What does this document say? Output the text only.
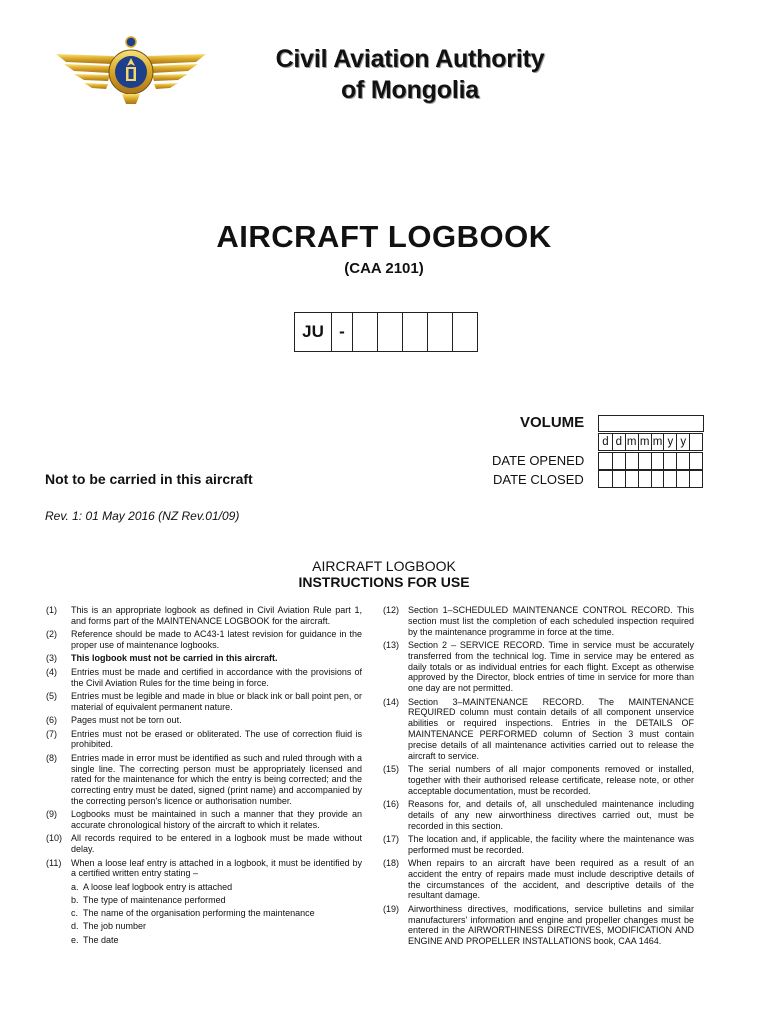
Civil Aviation Authority
of Mongolia
AIRCRAFT LOGBOOK
(CAA 2101)
JU -
VOLUME
d d m m m y y
DATE OPENED
DATE CLOSED
Not to be carried in this aircraft
Rev. 1: 01 May 2016 (NZ Rev.01/09)
AIRCRAFT LOGBOOK
INSTRUCTIONS FOR USE
(1)	This is an appropriate logbook as defined in Civil Aviation Rule part 1, and forms part of the MAINTENANCE LOGBOOK for the aircraft.
(2)	Reference should be made to AC43-1 latest revision for guidance in the proper use of maintenance logbooks.
(3)	This logbook must not be carried in this aircraft.
(4)	Entries must be made and certified in accordance with the provisions of the Civil Aviation Rules for the time being in force.
(5)	Entries must be legible and made in blue or black ink or ball point pen, or material of equivalent permanent nature.
(6)	Pages must not be torn out.
(7)	Entries must not be erased or obliterated. The use of correction fluid is prohibited.
(8)	Entries made in error must be identified as such and ruled through with a single line. The correcting person must be appropriately licensed and rated for the maintenance for which the entry is being corrected; and the correcting entry must be dated, signed (print name) and accompanied by the correcting person's licence or authorisation number.
(9)	Logbooks must be maintained in such a manner that they provide an accurate chronological history of the aircraft to which it relates.
(10) All records required to be entered in a logbook must be made without delay.
(11)	When a loose leaf entry is attached in a logbook, it must be identified by a certified written entry stating –
a. A loose leaf logbook entry is attached
b. The type of maintenance performed
c. The name of the organisation performing the maintenance
d. The job number
e. The date
(12) Section 1–SCHEDULED MAINTENANCE CONTROL RECORD. This section must list the completion of each scheduled inspection required by the maintenance programme in force at the time.
(13) Section 2 – SERVICE RECORD. Time in service must be accurately transferred from the technical log. Time in service may be entered as daily totals or as individual entries for each flight. Except as otherwise approved by the Director, block entries of time in service for more than one day are not permitted.
(14) Section 3–MAINTENANCE RECORD. The MAINTENANCE REQUIRED column must contain details of all component unservice abilities or required inspections. Entries in the DETAILS OF MAINTENANCE PERFORMED column of Section 3 must contain precise details of all maintenance activities carried out to release the aircraft to service.
(15) The serial numbers of all major components removed or installed, together with their authorised release certificate, release note, or other acceptable documentation, must be recorded.
(16) Reasons for, and details of, all unscheduled maintenance including details of any new airworthiness directives carried out, must be recorded in this section.
(17) The location and, if applicable, the facility where the maintenance was performed must be recorded.
(18) When repairs to an aircraft have been required as a result of an accident the entry of repairs made must include descriptive details of the circumstances of the accident, and descriptive details of the resultant damage.
(19) Airworthiness directives, modifications, service bulletins and similar manufacturers' information and engine and propeller changes must be entered in the AIRWORTHINESS DIRECTIVES, MODIFICATION AND ENGINE AND PROPELLER INSTALLATIONS book, CAA 1464.
